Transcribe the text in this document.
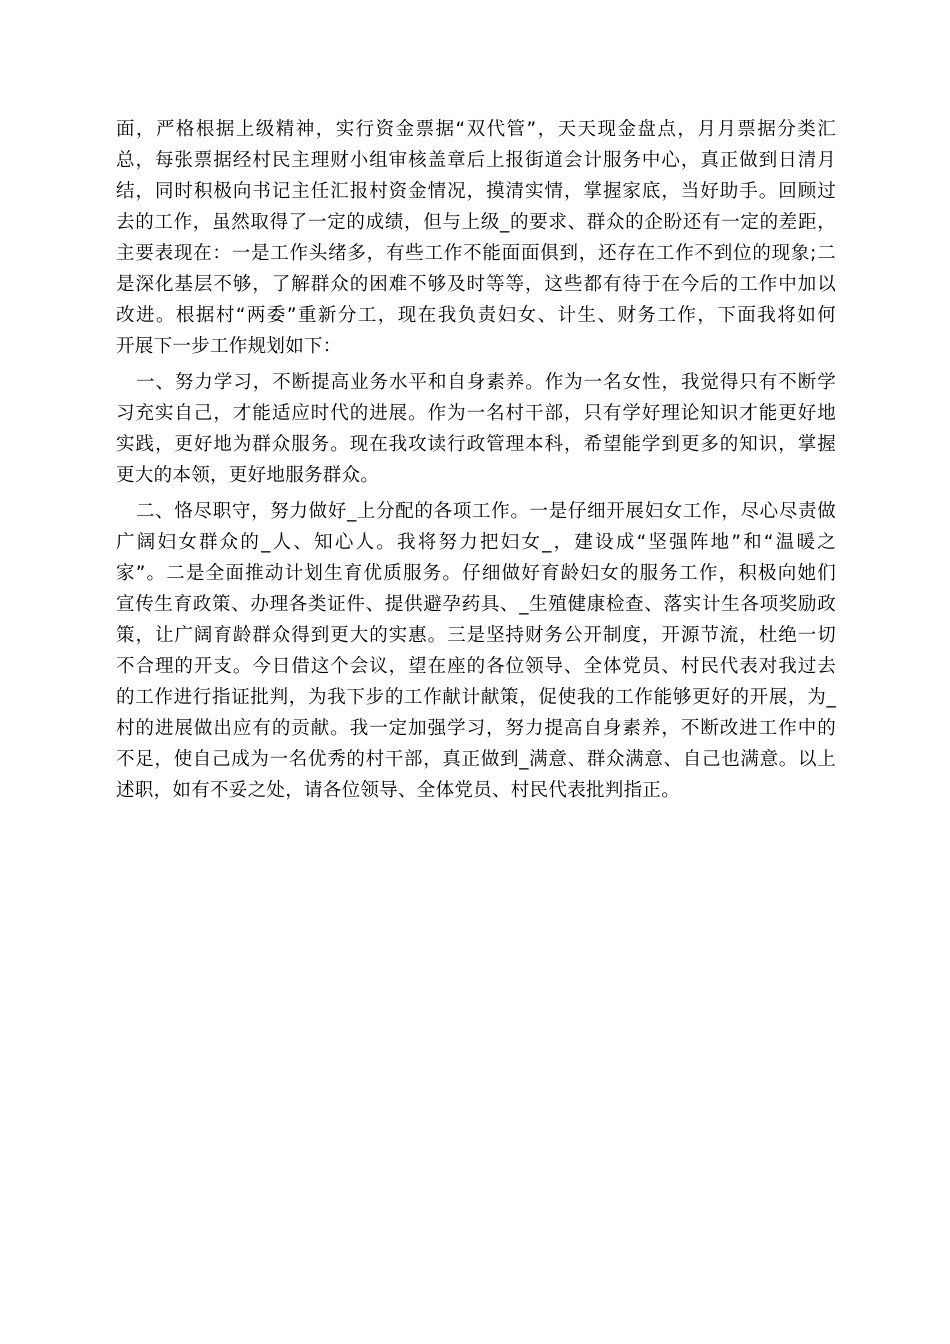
面，严格根据上级精神，实行资金票据“双代管”，天天现金盘点，月月票据分类汇
总，每张票据经村民主理财小组审核盖章后上报街道会计服务中心，真正做到日清月
结，同时积极向书记主任汇报村资金情况，摸清实情，掌握家底，当好助手。回顾过
去的工作，虽然取得了一定的成绩，但与上级_的要求、群众的企盼还有一定的差距，
主要表现在：一是工作头绪多，有些工作不能面面俱到，还存在工作不到位的现象;二
是深化基层不够，了解群众的困难不够及时等等，这些都有待于在今后的工作中加以
改进。根据村“两委”重新分工，现在我负责妇女、计生、财务工作，下面我将如何
开展下一步工作规划如下：
一、努力学习，不断提高业务水平和自身素养。作为一名女性，我觉得只有不断学
习充实自己，才能适应时代的进展。作为一名村干部，只有学好理论知识才能更好地
实践，更好地为群众服务。现在我攻读行政管理本科，希望能学到更多的知识，掌握
更大的本领，更好地服务群众。
二、恪尽职守，努力做好_上分配的各项工作。一是仔细开展妇女工作，尽心尽责做
广阔妇女群众的_人、知心人。我将努力把妇女_，建设成“坚强阵地”和“温暖之
家”。二是全面推动计划生育优质服务。仔细做好育龄妇女的服务工作，积极向她们
宣传生育政策、办理各类证件、提供避孕药具、_生殖健康检查、落实计生各项奖励政
策，让广阔育龄群众得到更大的实惠。三是坚持财务公开制度，开源节流，杜绝一切
不合理的开支。今日借这个会议，望在座的各位领导、全体党员、村民代表对我过去
的工作进行指证批判，为我下步的工作献计献策，促使我的工作能够更好的开展，为_
村的进展做出应有的贡献。我一定加强学习，努力提高自身素养，不断改进工作中的
不足，使自己成为一名优秀的村干部，真正做到_满意、群众满意、自己也满意。以上
述职，如有不妥之处，请各位领导、全体党员、村民代表批判指正。
